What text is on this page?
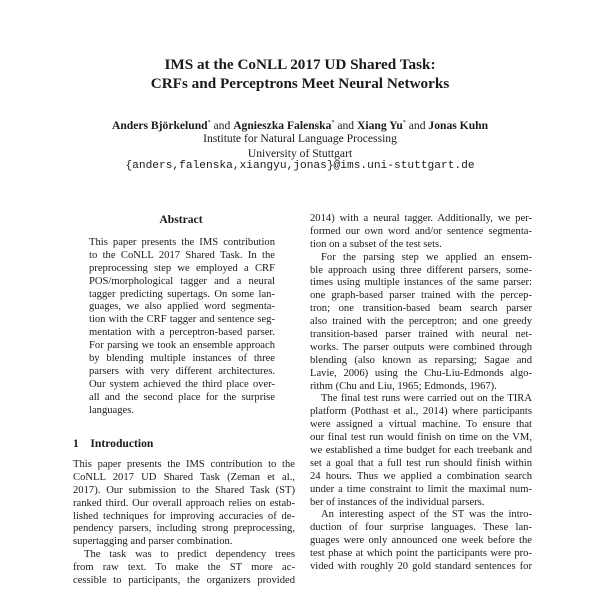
IMS at the CoNLL 2017 UD Shared Task:
CRFs and Perceptrons Meet Neural Networks
Anders Björkelund* and Agnieszka Falenska* and Xiang Yu* and Jonas Kuhn
Institute for Natural Language Processing
University of Stuttgart
{anders,falenska,xiangyu,jonas}@ims.uni-stuttgart.de
Abstract
This paper presents the IMS contribution
to the CoNLL 2017 Shared Task. In the
preprocessing step we employed a CRF
POS/morphological tagger and a neural
tagger predicting supertags. On some lan-
guages, we also applied word segmenta-
tion with the CRF tagger and sentence seg-
mentation with a perceptron-based parser.
For parsing we took an ensemble approach
by blending multiple instances of three
parsers with very different architectures.
Our system achieved the third place over-
all and the second place for the surprise
languages.
1 Introduction
This paper presents the IMS contribution to the
CoNLL 2017 UD Shared Task (Zeman et al.,
2017). Our submission to the Shared Task (ST)
ranked third. Our overall approach relies on estab-
lished techniques for improving accuracies of de-
pendency parsers, including strong preprocessing,
supertagging and parser combination.
The task was to predict dependency trees
from raw text. To make the ST more ac-
cessible to participants, the organizers provided
2014) with a neural tagger. Additionally, we per-
formed our own word and/or sentence segmenta-
tion on a subset of the test sets.
For the parsing step we applied an ensem-
ble approach using three different parsers, some-
times using multiple instances of the same parser:
one graph-based parser trained with the percep-
tron; one transition-based beam search parser
also trained with the perceptron; and one greedy
transition-based parser trained with neural net-
works. The parser outputs were combined through
blending (also known as reparsing; Sagae and
Lavie, 2006) using the Chu-Liu-Edmonds algo-
rithm (Chu and Liu, 1965; Edmonds, 1967).
The final test runs were carried out on the TIRA
platform (Potthast et al., 2014) where participants
were assigned a virtual machine. To ensure that
our final test run would finish on time on the VM,
we established a time budget for each treebank and
set a goal that a full test run should finish within
24 hours. Thus we applied a combination search
under a time constraint to limit the maximal num-
ber of instances of the individual parsers.
An interesting aspect of the ST was the intro-
duction of four surprise languages. These lan-
guages were only announced one week before the
test phase at which point the participants were pro-
vided with roughly 20 gold standard sentences for
